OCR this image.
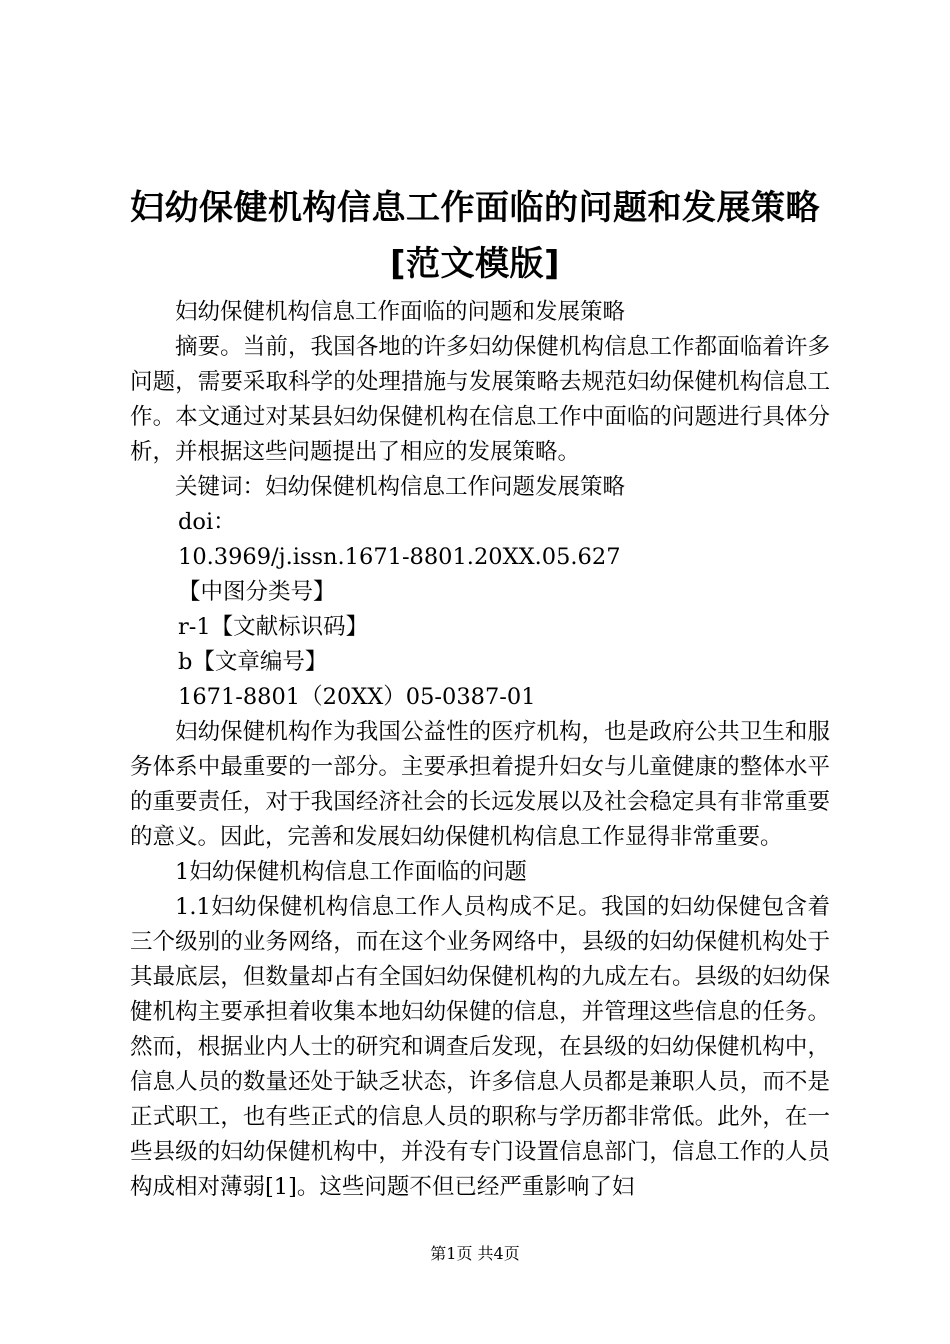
妇幼保健机构信息工作面临的问题和发展策略
[范文模版]

妇幼保健机构信息工作面临的问题和发展策略

摘要。当前，我国各地的许多妇幼保健机构信息工作都面临着许多问题，需要采取科学的处理措施与发展策略去规范妇幼保健机构信息工作。本文通过对某县妇幼保健机构在信息工作中面临的问题进行具体分析，并根据这些问题提出了相应的发展策略。

关键词：妇幼保健机构信息工作问题发展策略

doi：

10.3969/j.issn.1671-8801.20XX.05.627

【中图分类号】

r-1【文献标识码】

b【文章编号】

1671-8801（20XX）05-0387-01

妇幼保健机构作为我国公益性的医疗机构，也是政府公共卫生和服务体系中最重要的一部分。主要承担着提升妇女与儿童健康的整体水平的重要责任，对于我国经济社会的长远发展以及社会稳定具有非常重要的意义。因此，完善和发展妇幼保健机构信息工作显得非常重要。

1妇幼保健机构信息工作面临的问题

1.1妇幼保健机构信息工作人员构成不足。我国的妇幼保健包含着三个级别的业务网络，而在这个业务网络中，县级的妇幼保健机构处于其最底层，但数量却占有全国妇幼保健机构的九成左右。县级的妇幼保健机构主要承担着收集本地妇幼保健的信息，并管理这些信息的任务。然而，根据业内人士的研究和调查后发现，在县级的妇幼保健机构中，信息人员的数量还处于缺乏状态，许多信息人员都是兼职人员，而不是正式职工，也有些正式的信息人员的职称与学历都非常低。此外，在一些县级的妇幼保健机构中，并没有专门设置信息部门，信息工作的人员构成相对薄弱[1]。这些问题不但已经严重影响了妇

第1页 共4页
